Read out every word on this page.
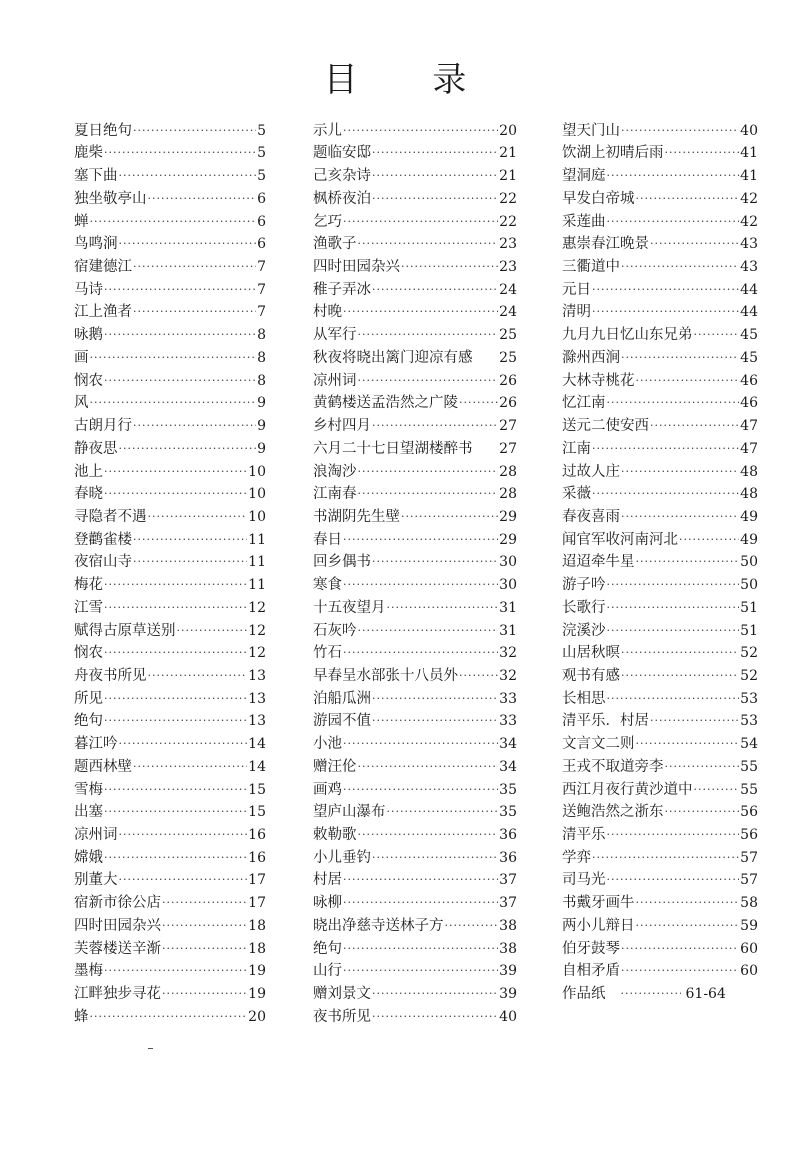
目 录
夏日绝句 ·····	5
鹿柴 ·····	5
塞下曲 ·····	5
独坐敬亭山 ·····	6
蝉 ·····	6
鸟鸣涧 ·····	6
宿建德江 ·····	7
马诗 ·····	7
江上渔者 ·····	7
咏鹅 ·····	8
画 ·····	8
悯农 ·····	8
风 ·····	9
古朗月行 ·····	9
静夜思 ·····	9
池上 ·····	10
春晓 ·····	10
寻隐者不遇 ·····	10
登鹳雀楼 ·····	11
夜宿山寺 ·····	11
梅花 ·····	11
江雪 ·····	12
赋得古原草送别 ·····	12
悯农 ·····	12
舟夜书所见 ·····	13
所见 ·····	13
绝句 ·····	13
暮江吟 ·····	14
题西林壁 ·····	14
雪梅 ·····	15
出塞 ·····	15
凉州词 ·····	16
嫦娥 ·····	16
别董大 ·····	17
宿新市徐公店 ·····	17
四时田园杂兴 ·····	18
芙蓉楼送辛渐 ·····	18
墨梅 ·····	19
江畔独步寻花 ·····	19
蜂 ·····	20
示儿 ·····	20
题临安邸 ·····	21
己亥杂诗 ·····	21
枫桥夜泊 ·····	22
乞巧 ·····	22
渔歌子 ·····	23
四时田园杂兴 ·····	23
稚子弄冰 ·····	24
村晚 ·····	24
从军行 ·····	25
秋夜将晓出篱门迎凉有感 25
凉州词 ·····	26
黄鹤楼送孟浩然之广陵 ·····	26
乡村四月 ·····	27
六月二十七日望湖楼醉书 27
浪淘沙 ·····	28
江南春 ·····	28
书湖阴先生壁 ·····	29
春日 ·····	29
回乡偶书 ·····	30
寒食 ·····	30
十五夜望月 ·····	31
石灰吟 ·····	31
竹石 ·····	32
早春呈水部张十八员外 ·····	32
泊船瓜洲 ·····	33
游园不值 ·····	33
小池 ·····	34
赠汪伦 ·····	34
画鸡 ·····	35
望庐山瀑布 ·····	35
敕勒歌 ·····	36
小儿垂钓 ·····	36
村居 ·····	37
咏柳 ·····	37
晓出净慈寺送林子方 ·····	38
绝句 ·····	38
山行 ·····	39
赠刘景文 ·····	39
夜书所见 ·····	40
望天门山 ·····	40
饮湖上初晴后雨 ·····	41
望洞庭 ·····	41
早发白帝城 ·····	42
采莲曲 ·····	42
惠崇春江晚景 ·····	43
三衢道中 ·····	43
元日 ·····	44
清明 ·····	44
九月九日忆山东兄弟 ·····	45
滁州西涧 ·····	45
大林寺桃花 ·····	46
忆江南 ·····	46
送元二使安西 ·····	47
江南 ·····	47
过故人庄 ·····	48
采薇 ·····	48
春夜喜雨 ·····	49
闻官军收河南河北 ·····	49
迢迢牵牛星 ·····	50
游子吟 ·····	50
长歌行 ·····	51
浣溪沙 ·····	51
山居秋暝 ·····	52
观书有感 ·····	52
长相思 ·····	53
清平乐．村居 ·····	53
文言文二则 ·····	54
王戎不取道旁李 ·····	55
西江月夜行黄沙道中 ·····	55
送鲍浩然之浙东 ·····	56
清平乐 ·····	56
学弈 ·····	57
司马光 ·····	57
书戴牙画牛 ·····	58
两小儿辩日 ·····	59
伯牙鼓琴 ·····	60
自相矛盾 ·····	60
作品纸 ·····	61-64
